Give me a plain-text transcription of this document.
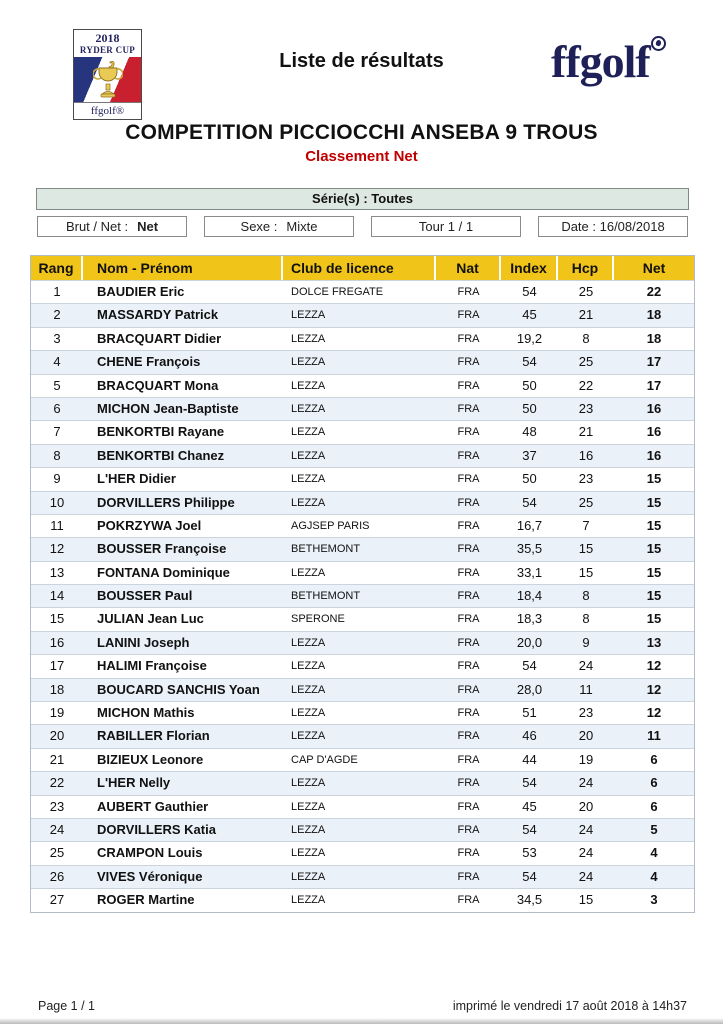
2018
RYDER CUP
ffgolf®
Liste de résultats	ffgolf
COMPETITION PICCIOCCHI ANSEBA 9 TROUS
Classement Net
Série(s) : Toutes
Brut / Net : Net	Sexe : Mixte	Tour 1 / 1	Date : 16/08/2018
Rang	Nom - Prénom	Club de licence	Nat	Index	Hcp	Net
1	BAUDIER Eric	DOLCE FREGATE	FRA	54	25	22
2	MASSARDY Patrick	LEZZA	FRA	45	21	18
3	BRACQUART Didier	LEZZA	FRA	19,2	8	18
4	CHENE François	LEZZA	FRA	54	25	17
5	BRACQUART Mona	LEZZA	FRA	50	22	17
6	MICHON Jean-Baptiste	LEZZA	FRA	50	23	16
7	BENKORTBI Rayane	LEZZA	FRA	48	21	16
8	BENKORTBI Chanez	LEZZA	FRA	37	16	16
9	L'HER Didier	LEZZA	FRA	50	23	15
10	DORVILLERS Philippe	LEZZA	FRA	54	25	15
11	POKRZYWA Joel	AGJSEP PARIS	FRA	16,7	7	15
12	BOUSSER Françoise	BETHEMONT	FRA	35,5	15	15
13	FONTANA Dominique	LEZZA	FRA	33,1	15	15
14	BOUSSER Paul	BETHEMONT	FRA	18,4	8	15
15	JULIAN Jean Luc	SPERONE	FRA	18,3	8	15
16	LANINI Joseph	LEZZA	FRA	20,0	9	13
17	HALIMI Françoise	LEZZA	FRA	54	24	12
18	BOUCARD SANCHIS Yoan	LEZZA	FRA	28,0	11	12
19	MICHON Mathis	LEZZA	FRA	51	23	12
20	RABILLER Florian	LEZZA	FRA	46	20	11
21	BIZIEUX Leonore	CAP D'AGDE	FRA	44	19	6
22	L'HER Nelly	LEZZA	FRA	54	24	6
23	AUBERT Gauthier	LEZZA	FRA	45	20	6
24	DORVILLERS Katia	LEZZA	FRA	54	24	5
25	CRAMPON Louis	LEZZA	FRA	53	24	4
26	VIVES Véronique	LEZZA	FRA	54	24	4
27	ROGER Martine	LEZZA	FRA	34,5	15	3
Page 1 / 1	imprimé le vendredi 17 août 2018 à 14h37
